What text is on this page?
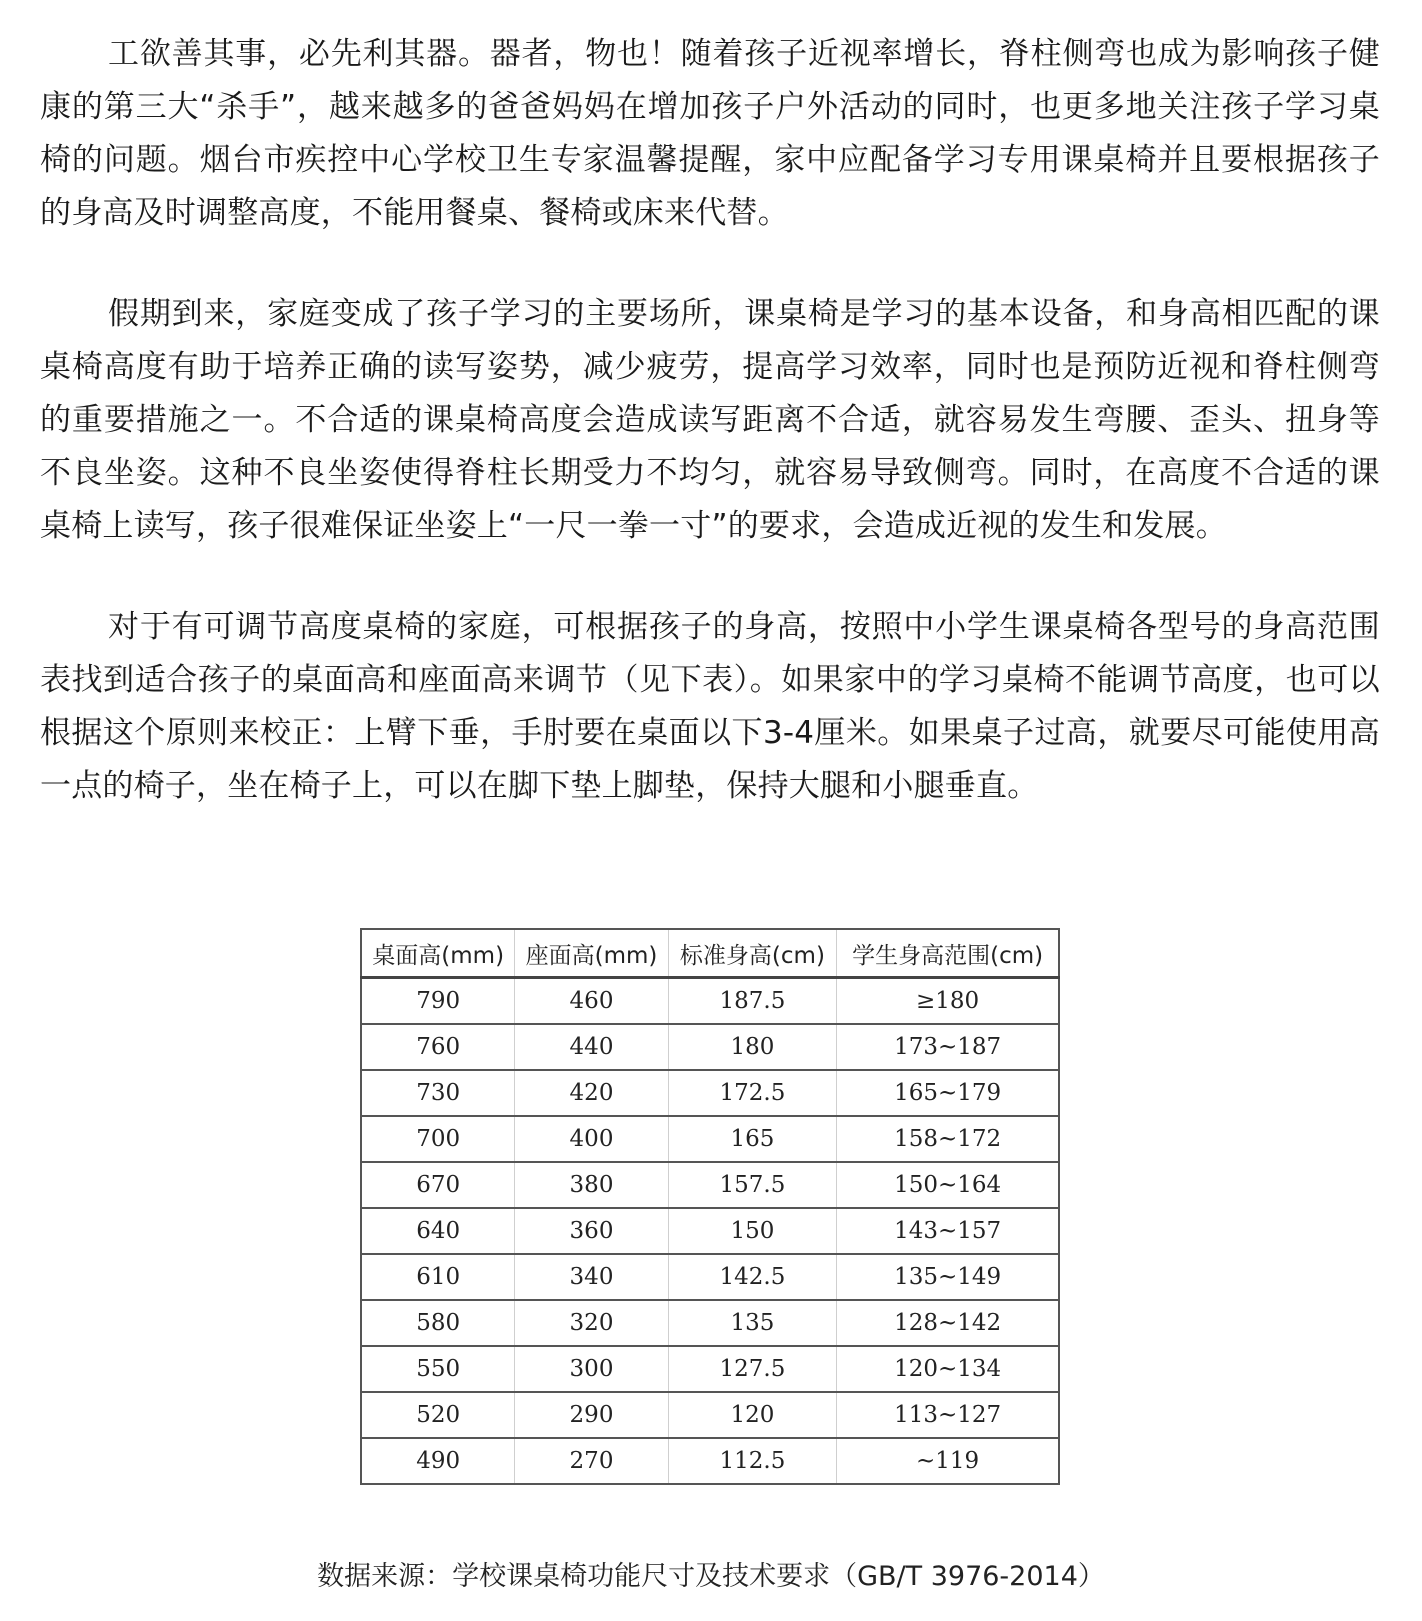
工欲善其事，必先利其器。器者，物也！随着孩子近视率增长，脊柱侧弯也成为影响孩子健康的第三大“杀手”，越来越多的爸爸妈妈在增加孩子户外活动的同时，也更多地关注孩子学习桌椅的问题。烟台市疾控中心学校卫生专家温馨提醒，家中应配备学习专用课桌椅并且要根据孩子的身高及时调整高度，不能用餐桌、餐椅或床来代替。

假期到来，家庭变成了孩子学习的主要场所，课桌椅是学习的基本设备，和身高相匹配的课桌椅高度有助于培养正确的读写姿势，减少疲劳，提高学习效率，同时也是预防近视和脊柱侧弯的重要措施之一。不合适的课桌椅高度会造成读写距离不合适，就容易发生弯腰、歪头、扭身等不良坐姿。这种不良坐姿使得脊柱长期受力不均匀，就容易导致侧弯。同时，在高度不合适的课桌椅上读写，孩子很难保证坐姿上“一尺一拳一寸”的要求，会造成近视的发生和发展。

对于有可调节高度桌椅的家庭，可根据孩子的身高，按照中小学生课桌椅各型号的身高范围表找到适合孩子的桌面高和座面高来调节（见下表）。如果家中的学习桌椅不能调节高度，也可以根据这个原则来校正：上臂下垂，手肘要在桌面以下3-4厘米。如果桌子过高，就要尽可能使用高一点的椅子，坐在椅子上，可以在脚下垫上脚垫，保持大腿和小腿垂直。

桌面高(mm)	座面高(mm)	标准身高(cm)	学生身高范围(cm)
790	460	187.5	≥180
760	440	180	173~187
730	420	172.5	165~179
700	400	165	158~172
670	380	157.5	150~164
640	360	150	143~157
610	340	142.5	135~149
580	320	135	128~142
550	300	127.5	120~134
520	290	120	113~127
490	270	112.5	~119
数据来源：学校课桌椅功能尺寸及技术要求（GB/T 3976-2014）
